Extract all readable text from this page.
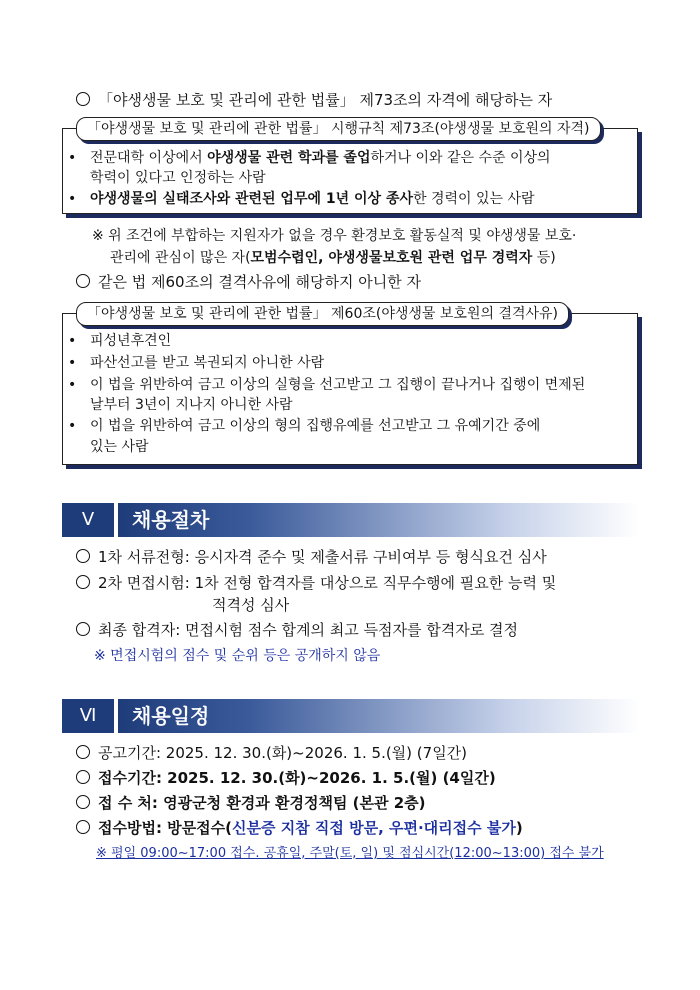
「야생생물 보호 및 관리에 관한 법률」 제73조의 자격에 해당하는 자
「야생생물 보호 및 관리에 관한 법률」 시행규칙 제73조(야생생물 보호원의 자격)
• 전문대학 이상에서 야생생물 관련 학과를 졸업하거나 이와 같은 수준 이상의
학력이 있다고 인정하는 사람
• 야생생물의 실태조사와 관련된 업무에 1년 이상 종사한 경력이 있는 사람
※ 위 조건에 부합하는 지원자가 없을 경우 환경보호 활동실적 및 야생생물 보호·
관리에 관심이 많은 자(모범수렵인, 야생생물보호원 관련 업무 경력자 등)
같은 법 제60조의 결격사유에 해당하지 아니한 자
「야생생물 보호 및 관리에 관한 법률」 제60조(야생생물 보호원의 결격사유)
• 피성년후견인
• 파산선고를 받고 복권되지 아니한 사람
• 이 법을 위반하여 금고 이상의 실형을 선고받고 그 집행이 끝나거나 집행이 면제된
날부터 3년이 지나지 아니한 사람
• 이 법을 위반하여 금고 이상의 형의 집행유예를 선고받고 그 유예기간 중에
있는 사람
Ⅴ	채용절차
1차 서류전형: 응시자격 준수 및 제출서류 구비여부 등 형식요건 심사
2차 면접시험: 1차 전형 합격자를 대상으로 직무수행에 필요한 능력 및
적격성 심사
최종 합격자: 면접시험 점수 합계의 최고 득점자를 합격자로 결정
※ 면접시험의 점수 및 순위 등은 공개하지 않음
Ⅵ	채용일정
공고기간: 2025. 12. 30.(화)~2026. 1. 5.(월) (7일간)
접수기간: 2025. 12. 30.(화)~2026. 1. 5.(월) (4일간)
접 수 처: 영광군청 환경과 환경정책팀 (본관 2층)
접수방법: 방문접수(신분증 지참 직접 방문, 우편·대리접수 불가)
※ 평일 09:00~17:00 접수. 공휴일, 주말(토, 일) 및 점심시간(12:00~13:00) 접수 불가
